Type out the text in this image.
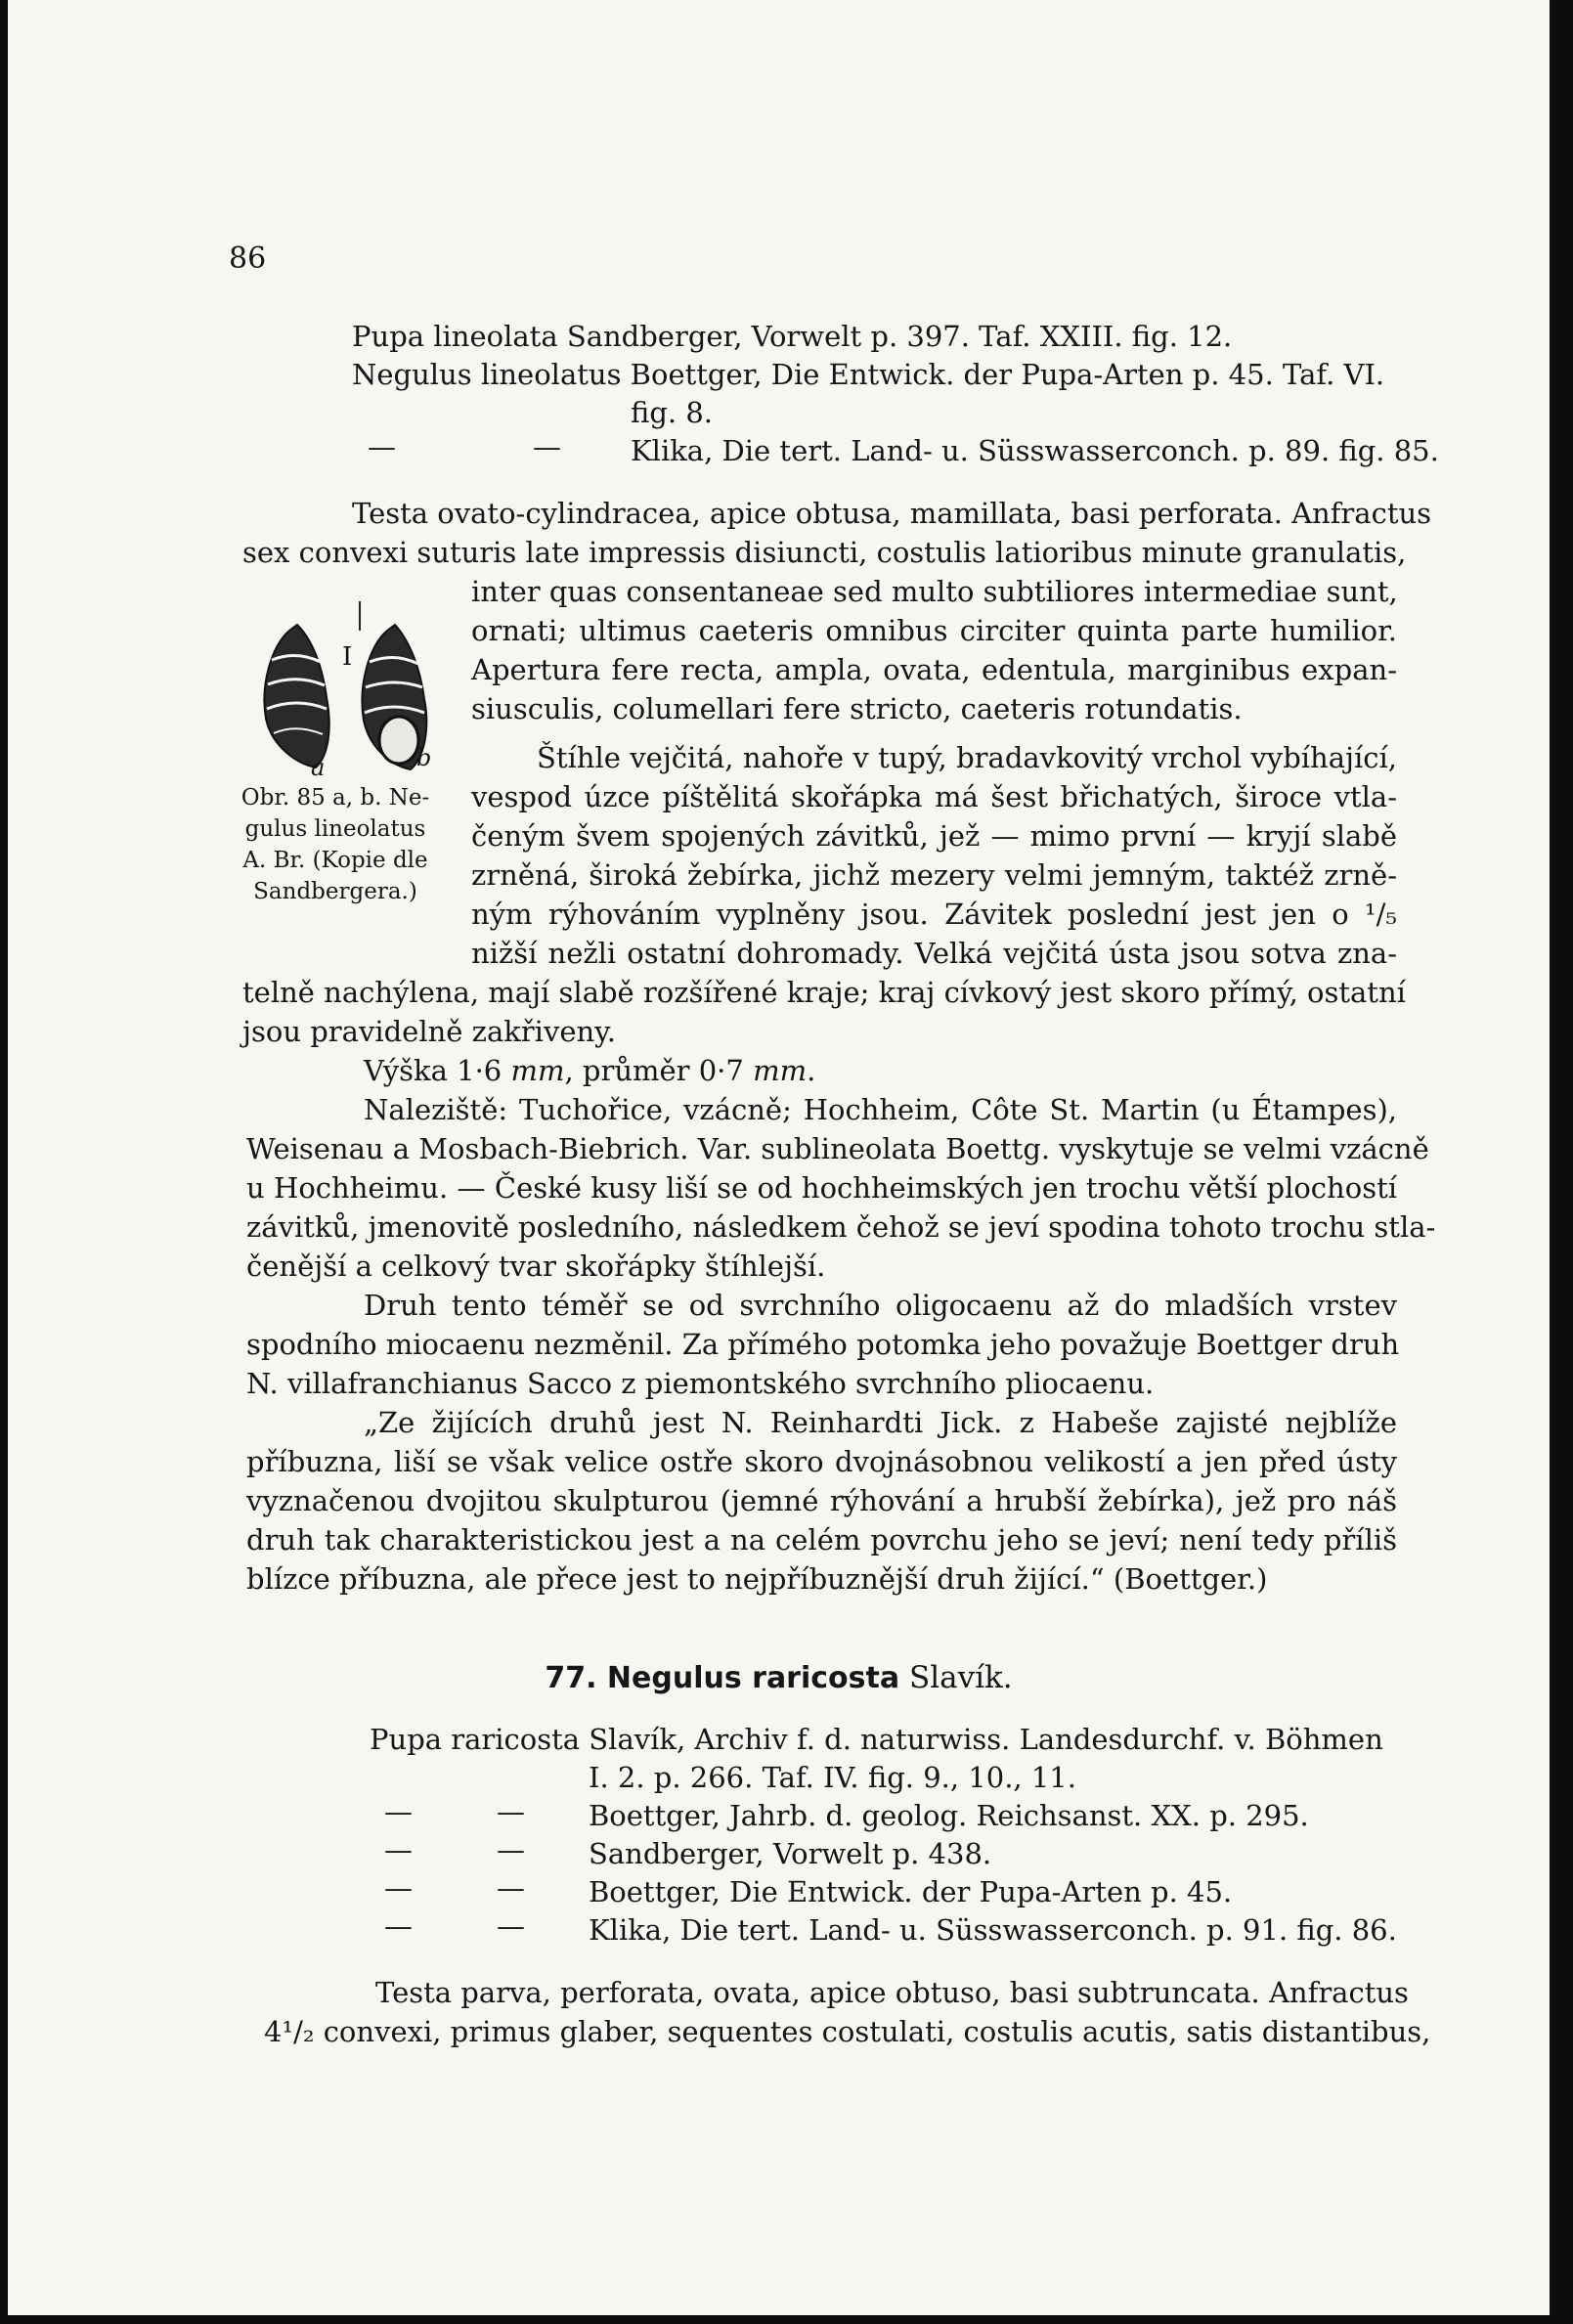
86
Pupa lineolata Sandberger, Vorwelt p. 397. Taf. XXIII. fig. 12.
Negulus lineolatus Boettger, Die Entwick. der Pupa-Arten p. 45. Taf. VI.
fig. 8.
—	— Klika, Die tert. Land- u. Süsswasserconch. p. 89. fig. 85.
Testa ovato-cylindracea, apice obtusa, mamillata, basi perforata. Anfractus
sex convexi suturis late impressis disiuncti, costulis latioribus minute granulatis,
inter quas consentaneae sed multo subtiliores intermediae sunt,
ornati; ultimus caeteris omnibus circiter quinta parte humilior.
Apertura fere recta, ampla, ovata, edentula, marginibus expan-
siusculis, columellari fere stricto, caeteris rotundatis.
I
a	b
Obr. 85 a, b. Ne-
gulus lineolatus
A. Br. (Kopie dle
Sandbergera.)
Štíhle vejčitá, nahoře v tupý, bradavkovitý vrchol vybíhající,
vespod úzce píštělitá skořápka má šest břichatých, široce vtla-
čeným švem spojených závitků, jež — mimo první — kryjí slabě
zrněná, široká žebírka, jichž mezery velmi jemným, taktéž zrně-
ným rýhováním vyplněny jsou. Závitek poslední jest jen o ¹/₅
nižší nežli ostatní dohromady. Velká vejčitá ústa jsou sotva zna-
telně nachýlena, mají slabě rozšířené kraje; kraj cívkový jest skoro přímý, ostatní
jsou pravidelně zakřiveny.
Výška 1·6 mm, průměr 0·7 mm.
Naleziště: Tuchořice, vzácně; Hochheim, Côte St. Martin (u Étampes),
Weisenau a Mosbach-Biebrich. Var. sublineolata Boettg. vyskytuje se velmi vzácně
u Hochheimu. — České kusy liší se od hochheimských jen trochu větší plochostí
závitků, jmenovitě posledního, následkem čehož se jeví spodina tohoto trochu stla-
čenější a celkový tvar skořápky štíhlejší.
Druh tento téměř se od svrchního oligocaenu až do mladších vrstev
spodního miocaenu nezměnil. Za přímého potomka jeho považuje Boettger druh
N. villafranchianus Sacco z piemontského svrchního pliocaenu.
„Ze žijících druhů jest N. Reinhardti Jick. z Habeše zajisté nejblíže
příbuzna, liší se však velice ostře skoro dvojnásobnou velikostí a jen před ústy
vyznačenou dvojitou skulpturou (jemné rýhování a hrubší žebírka), jež pro náš
druh tak charakteristickou jest a na celém povrchu jeho se jeví; není tedy příliš
blízce příbuzna, ale přece jest to nejpříbuznější druh žijící.“ (Boettger.)
77. Negulus raricosta Slavík.
Pupa raricosta Slavík, Archiv f. d. naturwiss. Landesdurchf. v. Böhmen
I. 2. p. 266. Taf. IV. fig. 9., 10., 11.
—	— Boettger, Jahrb. d. geolog. Reichsanst. XX. p. 295.
—	— Sandberger, Vorwelt p. 438.
—	— Boettger, Die Entwick. der Pupa-Arten p. 45.
—	— Klika, Die tert. Land- u. Süsswasserconch. p. 91. fig. 86.
Testa parva, perforata, ovata, apice obtuso, basi subtruncata. Anfractus
4¹/₂ convexi, primus glaber, sequentes costulati, costulis acutis, satis distantibus,
